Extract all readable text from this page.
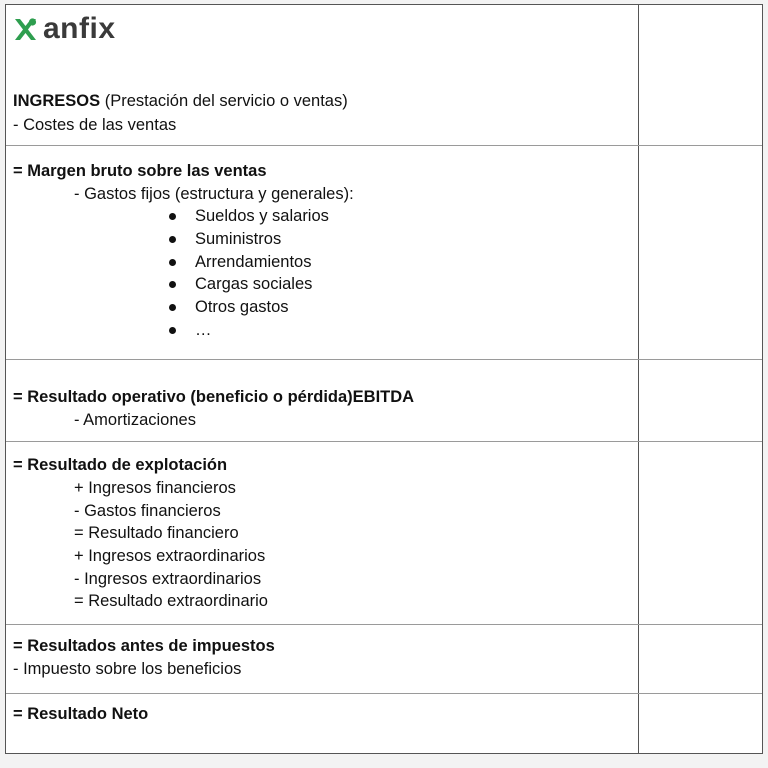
anfix
INGRESOS (Prestación del servicio o ventas)
- Costes de las ventas
= Margen bruto sobre las ventas
- Gastos fijos (estructura y generales):
Sueldos y salarios
Suministros
Arrendamientos
Cargas sociales
Otros gastos
…
= Resultado operativo (beneficio o pérdida)EBITDA
- Amortizaciones
= Resultado de explotación
+ Ingresos financieros
- Gastos financieros
= Resultado financiero
+ Ingresos extraordinarios
- Ingresos extraordinarios
= Resultado extraordinario
= Resultados antes de impuestos
- Impuesto sobre los beneficios
= Resultado Neto
